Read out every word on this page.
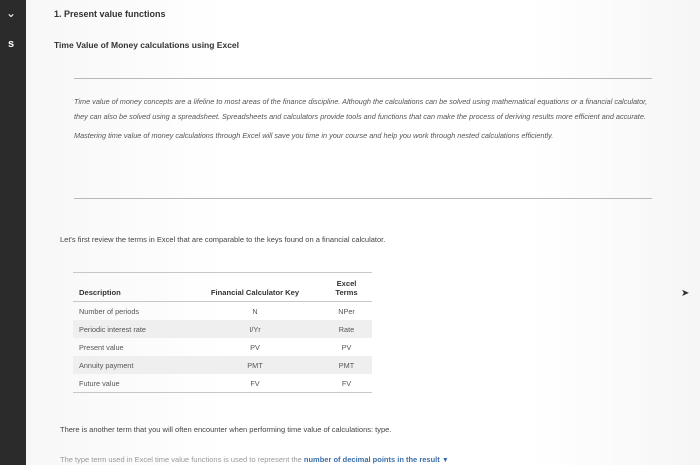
⌄
s
1. Present value functions
Time Value of Money calculations using Excel

Time value of money concepts are a lifeline to most areas of the finance discipline. Although the calculations can be solved using mathematical equations or a financial calculator, they can also be solved using a spreadsheet. Spreadsheets and calculators provide tools and functions that can make the process of deriving results more efficient and accurate.

Mastering time value of money calculations through Excel will save you time in your course and help you work through nested calculations efficiently.

Let's first review the terms in Excel that are comparable to the keys found on a financial calculator.
Description	Financial Calculator Key	Excel Terms
Number of periods	N	NPer
Periodic interest rate	I/Yr	Rate
Present value	PV	PV
Annuity payment	PMT	PMT
Future value	FV	FV
There is another term that you will often encounter when performing time value of calculations: type.
The type term used in Excel time value functions is used to represent the number of decimal points in the result ▼
➤
